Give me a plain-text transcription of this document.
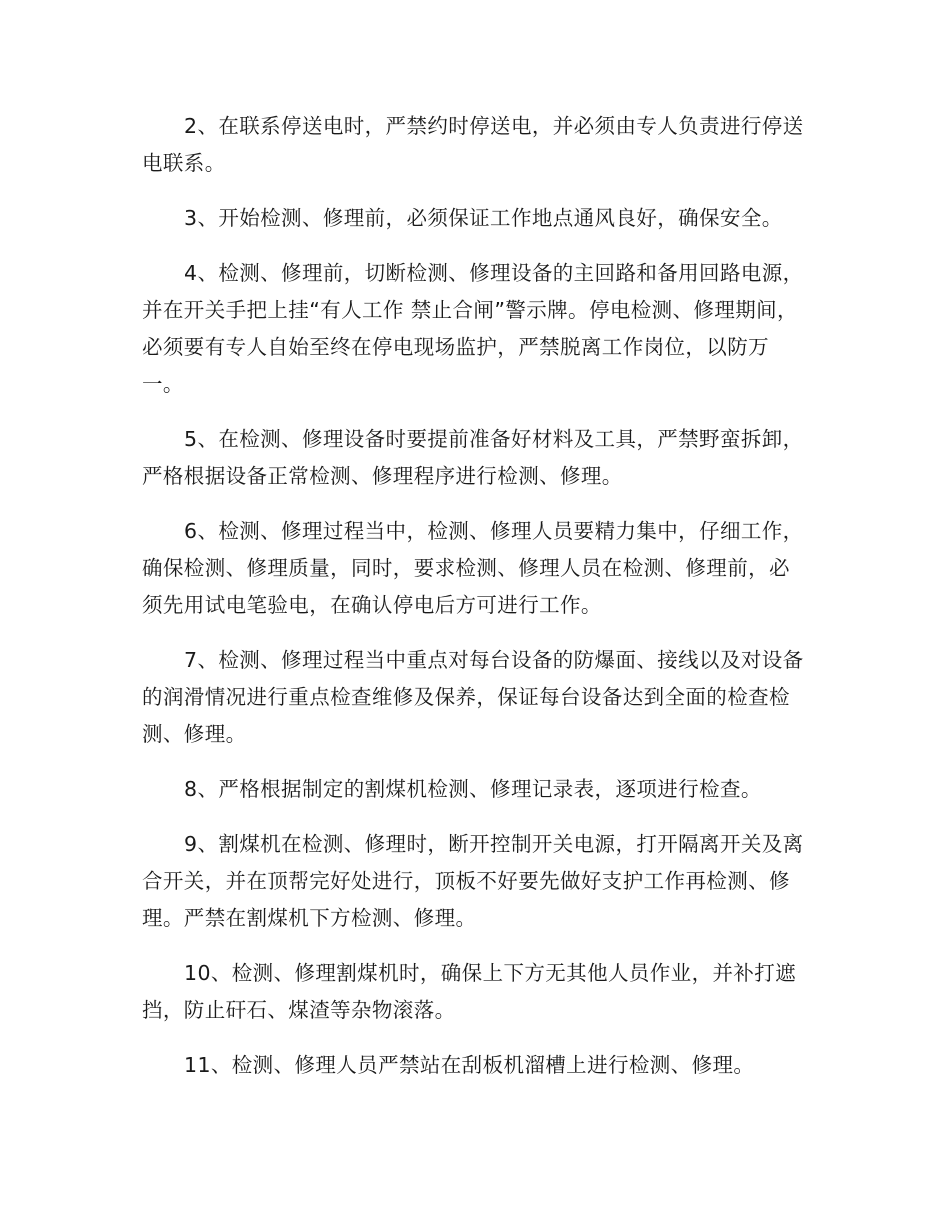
2、在联系停送电时，严禁约时停送电，并必须由专人负责进行停送电联系。

3、开始检测、修理前，必须保证工作地点通风良好，确保安全。

4、检测、修理前，切断检测、修理设备的主回路和备用回路电源，并在开关手把上挂“有人工作 禁止合闸”警示牌。停电检测、修理期间，必须要有专人自始至终在停电现场监护，严禁脱离工作岗位，以防万一。

5、在检测、修理设备时要提前准备好材料及工具，严禁野蛮拆卸，严格根据设备正常检测、修理程序进行检测、修理。

6、检测、修理过程当中，检测、修理人员要精力集中，仔细工作，确保检测、修理质量，同时，要求检测、修理人员在检测、修理前，必须先用试电笔验电，在确认停电后方可进行工作。

7、检测、修理过程当中重点对每台设备的防爆面、接线以及对设备的润滑情况进行重点检查维修及保养，保证每台设备达到全面的检查检测、修理。

8、严格根据制定的割煤机检测、修理记录表，逐项进行检查。

9、割煤机在检测、修理时，断开控制开关电源，打开隔离开关及离合开关，并在顶帮完好处进行，顶板不好要先做好支护工作再检测、修理。严禁在割煤机下方检测、修理。

10、检测、修理割煤机时，确保上下方无其他人员作业，并补打遮挡，防止矸石、煤渣等杂物滚落。

11、检测、修理人员严禁站在刮板机溜槽上进行检测、修理。
